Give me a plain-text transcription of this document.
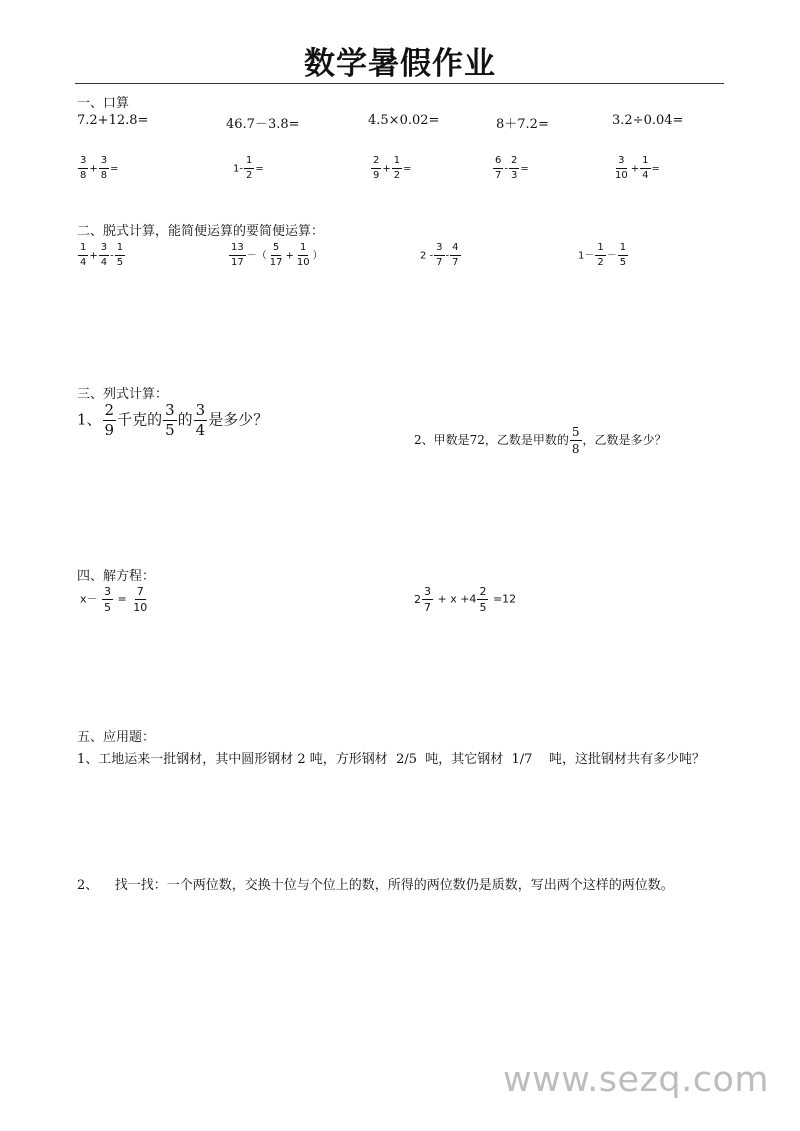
数学暑假作业
一、口算
7.2+12.8=	46.7－3.8=	4.5×0.02=	8＋7.2=	3.2÷0.04=
$\frac{3}{8} + \frac{3}{8}$ =	$1- \frac{1}{2}$ =	$\frac{2}{9} + \frac{1}{2}$ =	$\frac{6}{7} - \frac{2}{3}$ =	$\frac{3}{10} + \frac{1}{4}$ =
二、脱式计算，能简便运算的要简便运算：
$\frac{1}{4} + \frac{3}{4} - \frac{1}{5}$	$\frac{13}{17}$ －（ $\frac{5}{17} + \frac{1}{10}$ ）	$2 - \frac{3}{7} - \frac{4}{7}$	$1- \frac{1}{2} - \frac{1}{5}$
三、列式计算：
1、 $\frac{2}{9}$ 千克的 $\frac{3}{5}$ 的 $\frac{3}{4}$ 是多少？
2、甲数是72，乙数是甲数的 $\frac{5}{8}$ ，乙数是多少？
四、解方程：
$x- \frac{3}{5} = \frac{7}{10}$	$2 \frac{3}{7} + x +4 \frac{2}{5} =12$
五、应用题：
1、工地运来一批钢材，其中圆形钢材 2 吨，方形钢材  2/5  吨，其它钢材  1/7    吨，这批钢材共有多少吨？
2、    找一找：一个两位数，交换十位与个位上的数，所得的两位数仍是质数，写出两个这样的两位数。
www.sezq.com
